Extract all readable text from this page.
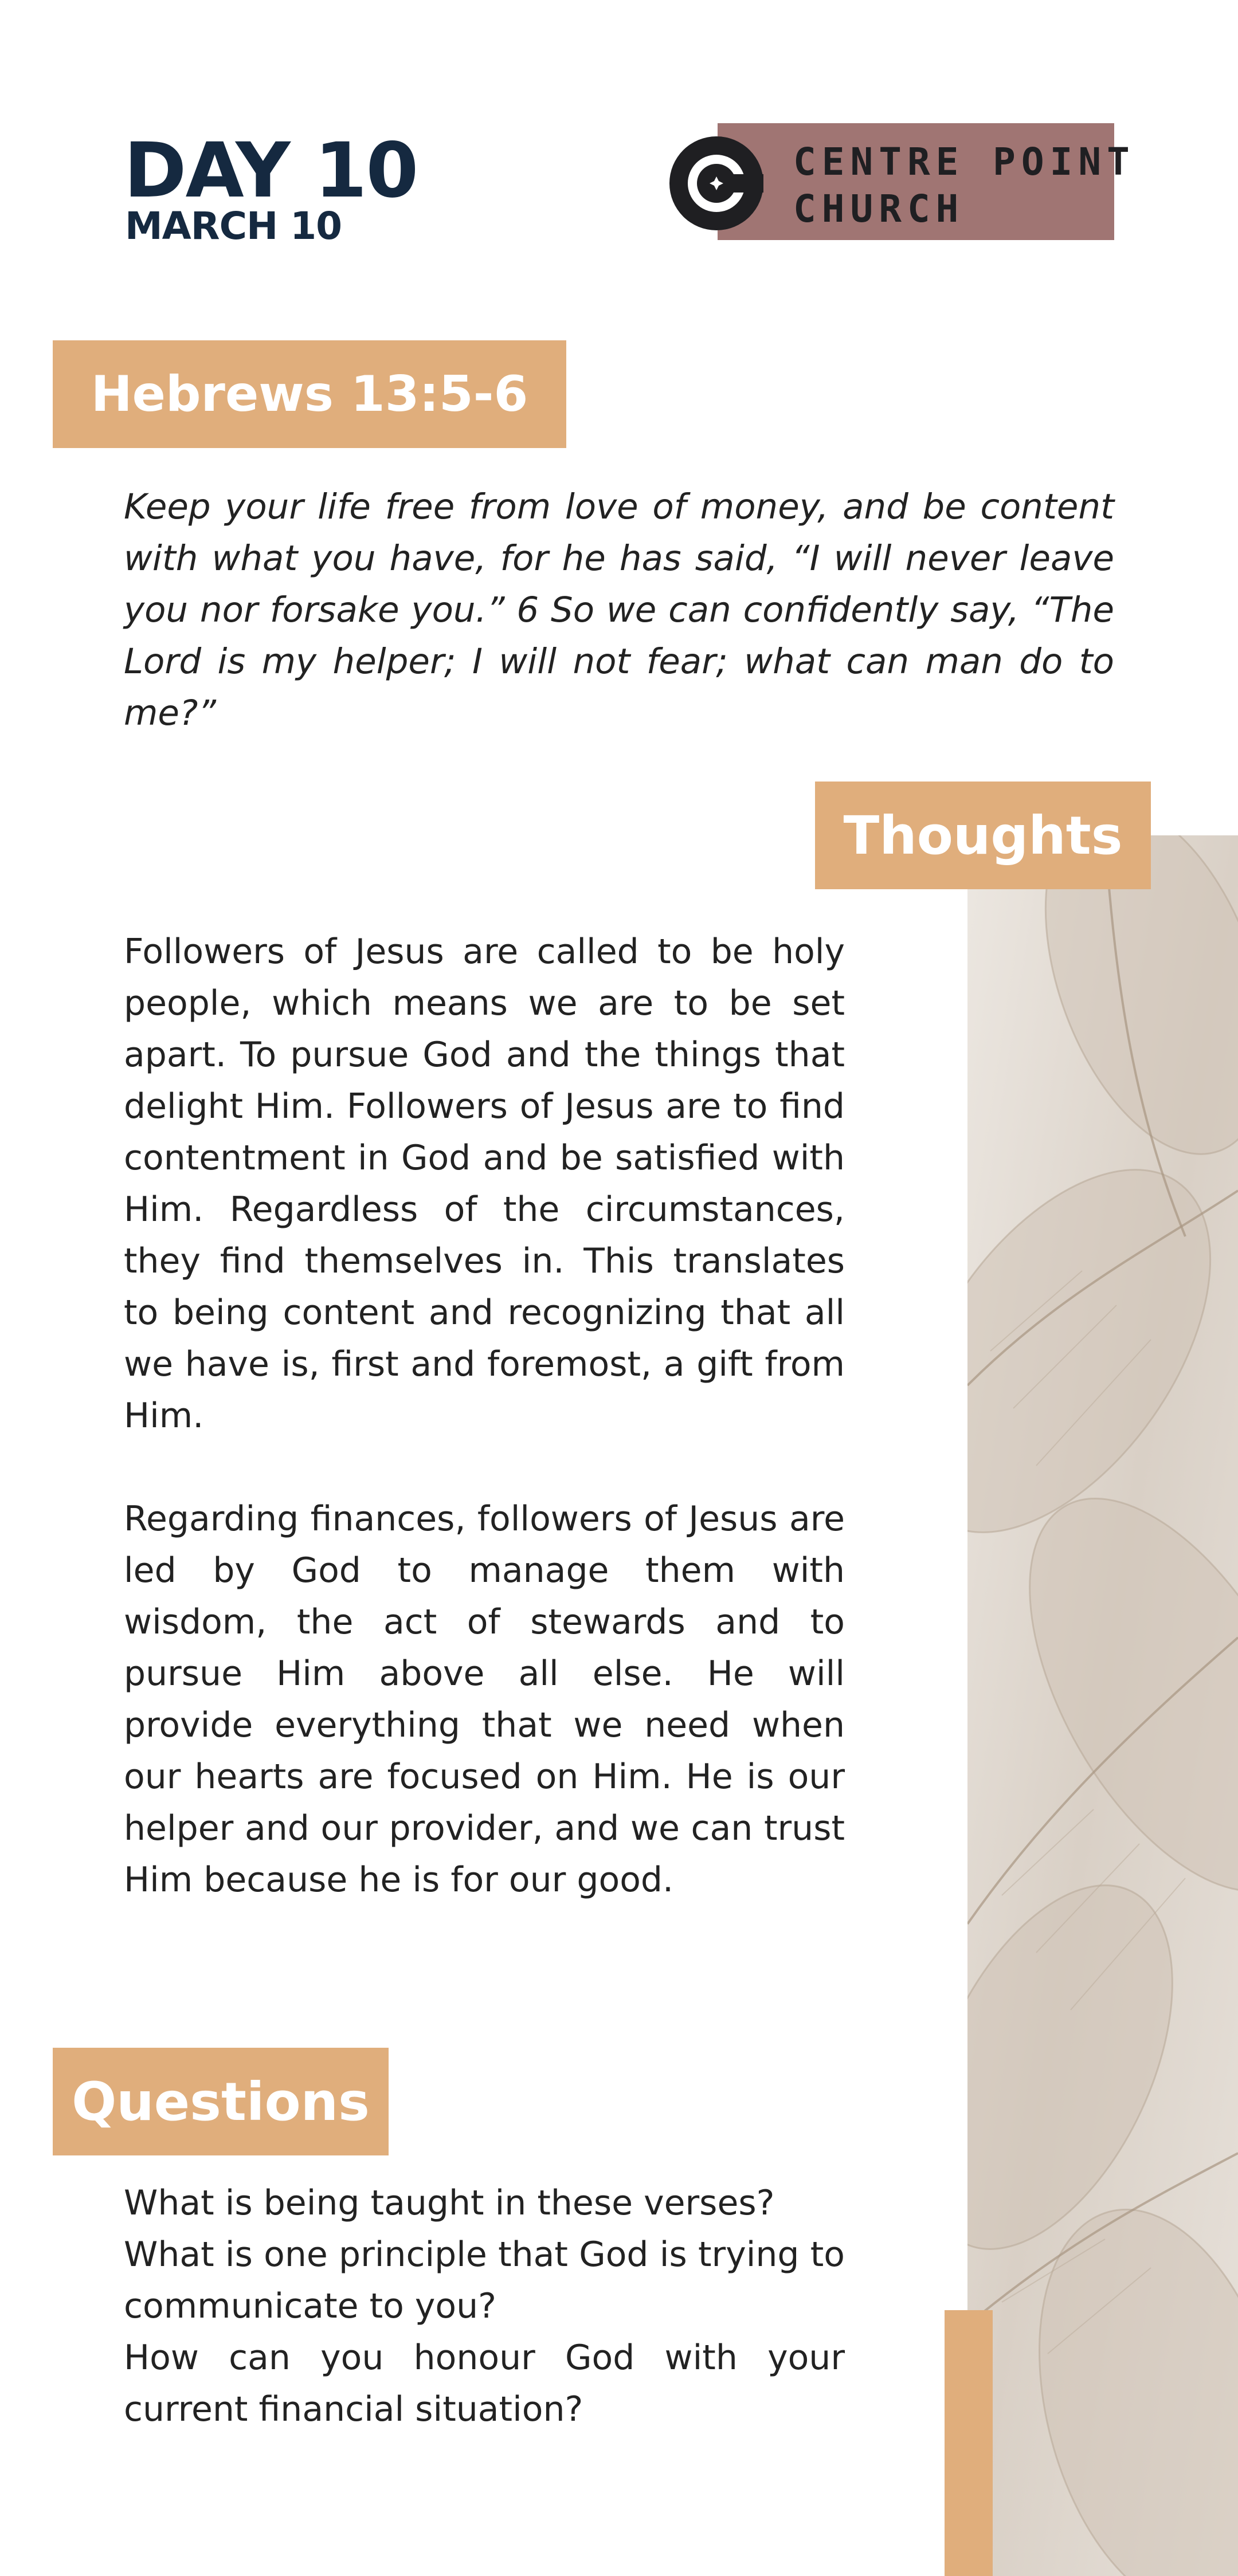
DAY 10
MARCH 10
CENTRE POINT
CHURCH
Hebrews 13:5-6
Keep your life free from love of money, and be content with what you have, for he has said, “I will never leave you nor forsake you.” 6 So we can confidently say, “The Lord is my helper; I will not fear; what can man do to me?”
Thoughts

Followers of Jesus are called to be holy people, which means we are to be set apart. To pursue God and the things that delight Him. Followers of Jesus are to find contentment in God and be satisfied with Him. Regardless of the circumstances, they find themselves in. This translates to being content and recognizing that all we have is, first and foremost, a gift from Him.

Regarding finances, followers of Jesus are led by God to manage them with wisdom, the act of stewards and to pursue Him above all else. He will provide everything that we need when our hearts are focused on Him. He is our helper and our provider, and we can trust Him because he is for our good.

Questions
What is being taught in these verses?
What is one principle that God is trying to communicate to you?
How can you honour God with your current financial situation?
